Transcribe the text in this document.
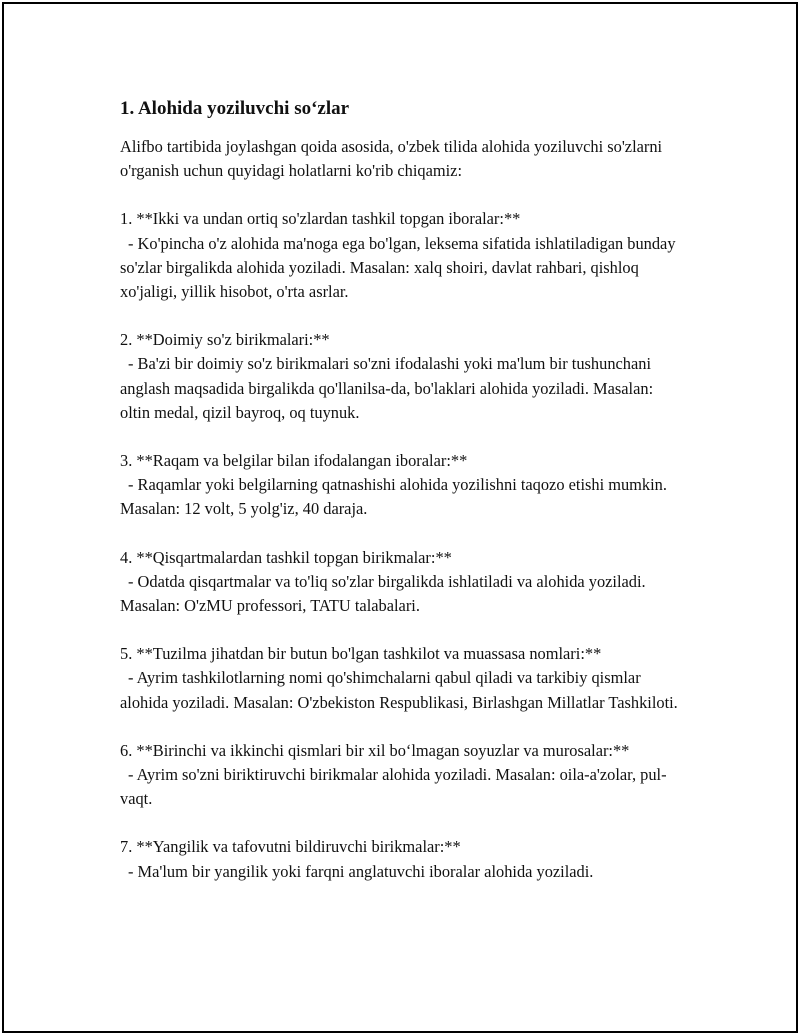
1. Alohida yoziluvchi so‘zlar

Alifbo tartibida joylashgan qoida asosida, o'zbek tilida alohida yoziluvchi so'zlarni o'rganish uchun quyidagi holatlarni ko'rib chiqamiz:

1. **Ikki va undan ortiq so'zlardan tashkil topgan iboralar:**

- Ko'pincha o'z alohida ma'noga ega bo'lgan, leksema sifatida ishlatiladigan bunday so'zlar birgalikda alohida yoziladi. Masalan: xalq shoiri, davlat rahbari, qishloq xo'jaligi, yillik hisobot, o'rta asrlar.

2. **Doimiy so'z birikmalari:**

- Ba'zi bir doimiy so'z birikmalari so'zni ifodalashi yoki ma'lum bir tushunchani anglash maqsadida birgalikda qo'llanilsa-da, bo'laklari alohida yoziladi. Masalan: oltin medal, qizil bayroq, oq tuynuk.

3. **Raqam va belgilar bilan ifodalangan iboralar:**

- Raqamlar yoki belgilarning qatnashishi alohida yozilishni taqozo etishi mumkin. Masalan: 12 volt, 5 yolg'iz, 40 daraja.

4. **Qisqartmalardan tashkil topgan birikmalar:**

- Odatda qisqartmalar va to'liq so'zlar birgalikda ishlatiladi va alohida yoziladi. Masalan: O'zMU professori, TATU talabalari.

5. **Tuzilma jihatdan bir butun bo'lgan tashkilot va muassasa nomlari:**

- Ayrim tashkilotlarning nomi qo'shimchalarni qabul qiladi va tarkibiy qismlar alohida yoziladi. Masalan: O'zbekiston Respublikasi, Birlashgan Millatlar Tashkiloti.

6. **Birinchi va ikkinchi qismlari bir xil bo‘lmagan soyuzlar va murosalar:**

- Ayrim so'zni biriktiruvchi birikmalar alohida yoziladi. Masalan: oila-a'zolar, pul-vaqt.

7. **Yangilik va tafovutni bildiruvchi birikmalar:**

- Ma'lum bir yangilik yoki farqni anglatuvchi iboralar alohida yoziladi.
